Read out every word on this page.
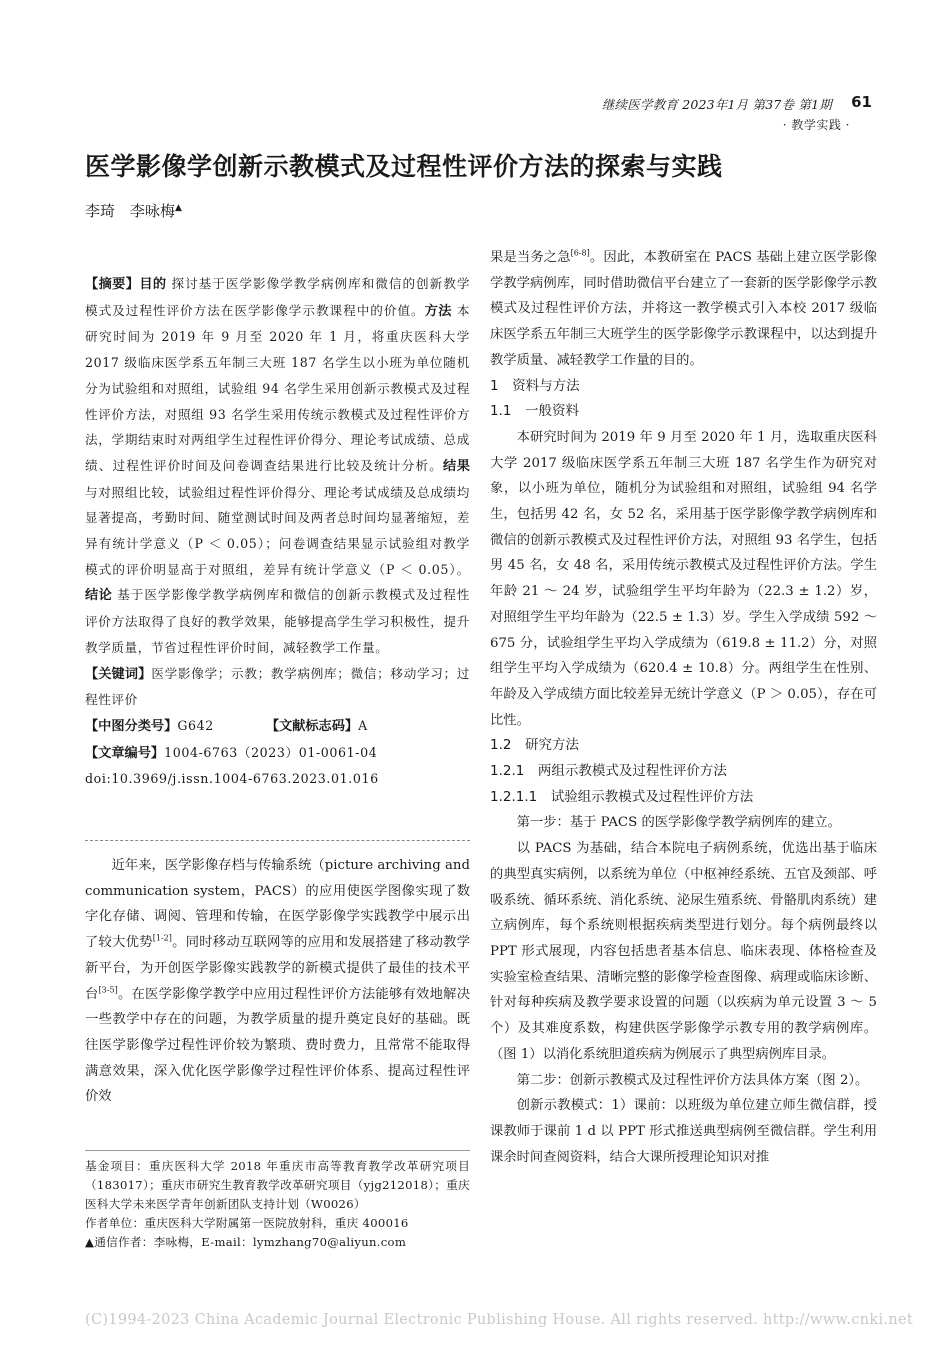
继续医学教育 2023年1月 第37卷 第1期 61
· 教学实践 ·
医学影像学创新示教模式及过程性评价方法的探索与实践
李琦　李咏梅▲

【摘要】目的 探讨基于医学影像学教学病例库和微信的创新教学模式及过程性评价方法在医学影像学示教课程中的价值。方法 本研究时间为 2019 年 9 月至 2020 年 1 月，将重庆医科大学 2017 级临床医学系五年制三大班 187 名学生以小班为单位随机分为试验组和对照组，试验组 94 名学生采用创新示教模式及过程性评价方法，对照组 93 名学生采用传统示教模式及过程性评价方法，学期结束时对两组学生过程性评价得分、理论考试成绩、总成绩、过程性评价时间及问卷调查结果进行比较及统计分析。结果 与对照组比较，试验组过程性评价得分、理论考试成绩及总成绩均显著提高，考勤时间、随堂测试时间及两者总时间均显著缩短，差异有统计学意义（P ＜ 0.05）；问卷调查结果显示试验组对教学模式的评价明显高于对照组，差异有统计学意义（P ＜ 0.05）。结论 基于医学影像学教学病例库和微信的创新示教模式及过程性评价方法取得了良好的教学效果，能够提高学生学习积极性，提升教学质量，节省过程性评价时间，减轻教学工作量。

【关键词】医学影像学；示教；教学病例库；微信；移动学习；过程性评价

【中图分类号】G642	【文献标志码】A

【文章编号】1004-6763（2023）01-0061-04

doi:10.3969/j.issn.1004-6763.2023.01.016

近年来，医学影像存档与传输系统（picture archiving and communication system，PACS）的应用使医学图像实现了数字化存储、调阅、管理和传输，在医学影像学实践教学中展示出了较大优势[1-2]。同时移动互联网等的应用和发展搭建了移动教学新平台，为开创医学影像实践教学的新模式提供了最佳的技术平台[3-5]。在医学影像学教学中应用过程性评价方法能够有效地解决一些教学中存在的问题，为教学质量的提升奠定良好的基础。既往医学影像学过程性评价较为繁琐、费时费力，且常常不能取得满意效果，深入优化医学影像学过程性评价体系、提高过程性评价效

基金项目：重庆医科大学 2018 年重庆市高等教育教学改革研究项目（183017）；重庆市研究生教育教学改革研究项目（yjg212018）；重庆医科大学未来医学青年创新团队支持计划（W0026）

作者单位：重庆医科大学附属第一医院放射科，重庆 400016

▲通信作者：李咏梅，E-mail：lymzhang70@aliyun.com

果是当务之急[6-8]。因此，本教研室在 PACS 基础上建立医学影像学教学病例库，同时借助微信平台建立了一套新的医学影像学示教模式及过程性评价方法，并将这一教学模式引入本校 2017 级临床医学系五年制三大班学生的医学影像学示教课程中，以达到提升教学质量、减轻教学工作量的目的。

1　资料与方法

1.1　一般资料

本研究时间为 2019 年 9 月至 2020 年 1 月，选取重庆医科大学 2017 级临床医学系五年制三大班 187 名学生作为研究对象，以小班为单位，随机分为试验组和对照组，试验组 94 名学生，包括男 42 名，女 52 名，采用基于医学影像学教学病例库和微信的创新示教模式及过程性评价方法，对照组 93 名学生，包括男 45 名，女 48 名，采用传统示教模式及过程性评价方法。学生年龄 21 ～ 24 岁，试验组学生平均年龄为（22.3 ± 1.2）岁，对照组学生平均年龄为（22.5 ± 1.3）岁。学生入学成绩 592 ～ 675 分，试验组学生平均入学成绩为（619.8 ± 11.2）分，对照组学生平均入学成绩为（620.4 ± 10.8）分。两组学生在性别、年龄及入学成绩方面比较差异无统计学意义（P ＞ 0.05），存在可比性。

1.2　研究方法

1.2.1　两组示教模式及过程性评价方法

1.2.1.1　试验组示教模式及过程性评价方法

第一步：基于 PACS 的医学影像学教学病例库的建立。

以 PACS 为基础，结合本院电子病例系统，优选出基于临床的典型真实病例，以系统为单位（中枢神经系统、五官及颈部、呼吸系统、循环系统、消化系统、泌尿生殖系统、骨骼肌肉系统）建立病例库，每个系统则根据疾病类型进行划分。每个病例最终以 PPT 形式展现，内容包括患者基本信息、临床表现、体格检查及实验室检查结果、清晰完整的影像学检查图像、病理或临床诊断、针对每种疾病及教学要求设置的问题（以疾病为单元设置 3 ～ 5 个）及其难度系数，构建供医学影像学示教专用的教学病例库。（图 1）以消化系统胆道疾病为例展示了典型病例库目录。

第二步：创新示教模式及过程性评价方法具体方案（图 2）。

创新示教模式：1）课前：以班级为单位建立师生微信群，授课教师于课前 1 d 以 PPT 形式推送典型病例至微信群。学生利用课余时间查阅资料，结合大课所授理论知识对推

(C)1994-2023 China Academic Journal Electronic Publishing House. All rights reserved. http://www.cnki.net
